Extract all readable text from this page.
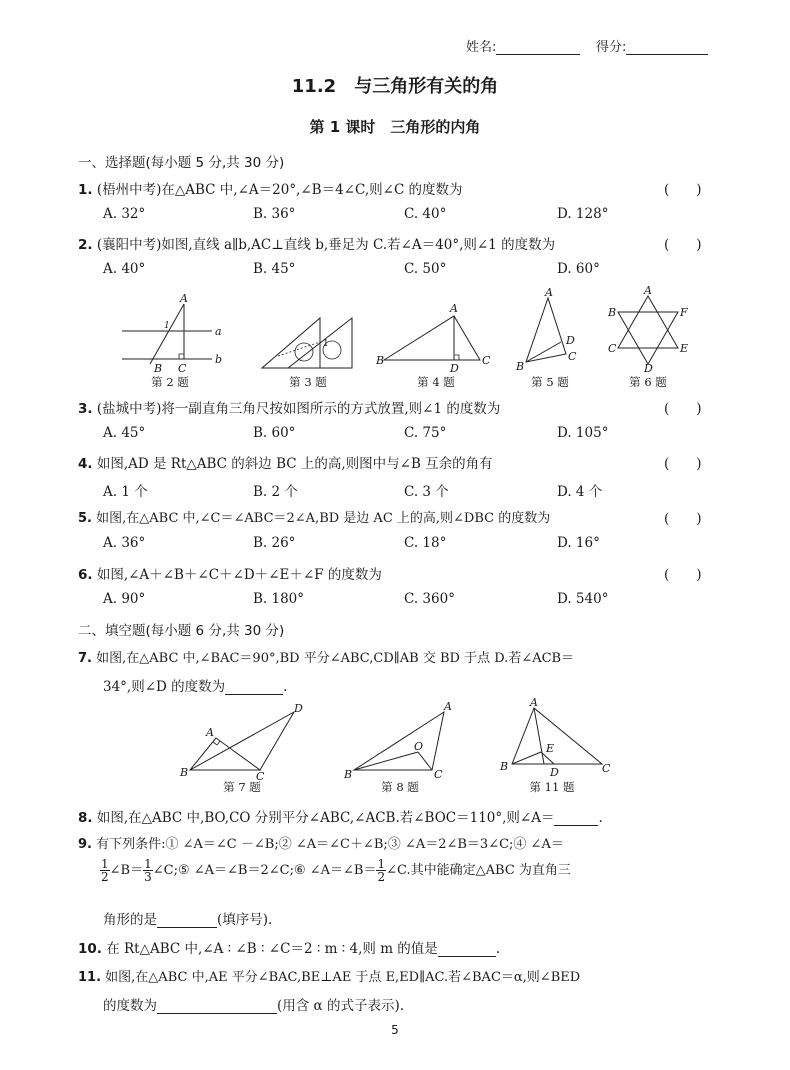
姓名:	得分:
11.2　与三角形有关的角
第 1 课时　三角形的内角
一、选择题(每小题 5 分,共 30 分)
1. (梧州中考)在△ABC 中,∠A＝20°,∠B＝4∠C,则∠C 的度数为	(　　)
A. 32°	B. 36°	C. 40°	D. 128°
2. (襄阳中考)如图,直线 a∥b,AC⊥直线 b,垂足为 C.若∠A＝40°,则∠1 的度数为	(　　)
A. 40°	B. 45°	C. 50°	D. 60°
A
1	a
b
B C
第 2 题
1
第 3 题
A
B	C
D
第 4 题
A
B
C
D
第 5 题
A
B
C
D
E
F
第 6 题
3. (盐城中考)将一副直角三角尺按如图所示的方式放置,则∠1 的度数为	(　　)
A. 45°	B. 60°	C. 75°	D. 105°
4. 如图,AD 是 Rt△ABC 的斜边 BC 上的高,则图中与∠B 互余的角有	(　　)
A. 1 个	B. 2 个	C. 3 个	D. 4 个
5. 如图,在△ABC 中,∠C＝∠ABC＝2∠A,BD 是边 AC 上的高,则∠DBC 的度数为	(　　)
A. 36°	B. 26°	C. 18°	D. 16°
6. 如图,∠A＋∠B＋∠C＋∠D＋∠E＋∠F 的度数为	(　　)
A. 90°	B. 180°	C. 360°	D. 540°
二、填空题(每小题 6 分,共 30 分)
7. 如图,在△ABC 中,∠BAC＝90°,BD 平分∠ABC,CD∥AB 交 BD 于点 D.若∠ACB＝
34°,则∠D 的度数为	.
A
B	C
D
第 7 题
A
B	C
O
第 8 题
A
B	C
D
E
第 11 题
8. 如图,在△ABC 中,BO,CO 分别平分∠ABC,∠ACB.若∠BOC＝110°,则∠A＝	.
9. 有下列条件:① ∠A＝∠C －∠B;② ∠A＝∠C＋∠B;③ ∠A＝2∠B＝3∠C;④ ∠A＝
$\frac{1}{2}$ ∠B＝ $\frac{1}{3}$ ∠C;⑤ ∠A＝∠B＝2∠C;⑥ ∠A＝∠B＝ $\frac{1}{2}$ ∠C.其中能确定△ABC 为直角三
角形的是	(填序号).
10. 在 Rt△ABC 中,∠A ∶ ∠B ∶ ∠C＝2 ∶ m ∶ 4,则 m 的值是	.
11. 如图,在△ABC 中,AE 平分∠BAC,BE⊥AE 于点 E,ED∥AC.若∠BAC＝α,则∠BED
的度数为	(用含 α 的式子表示).
5
